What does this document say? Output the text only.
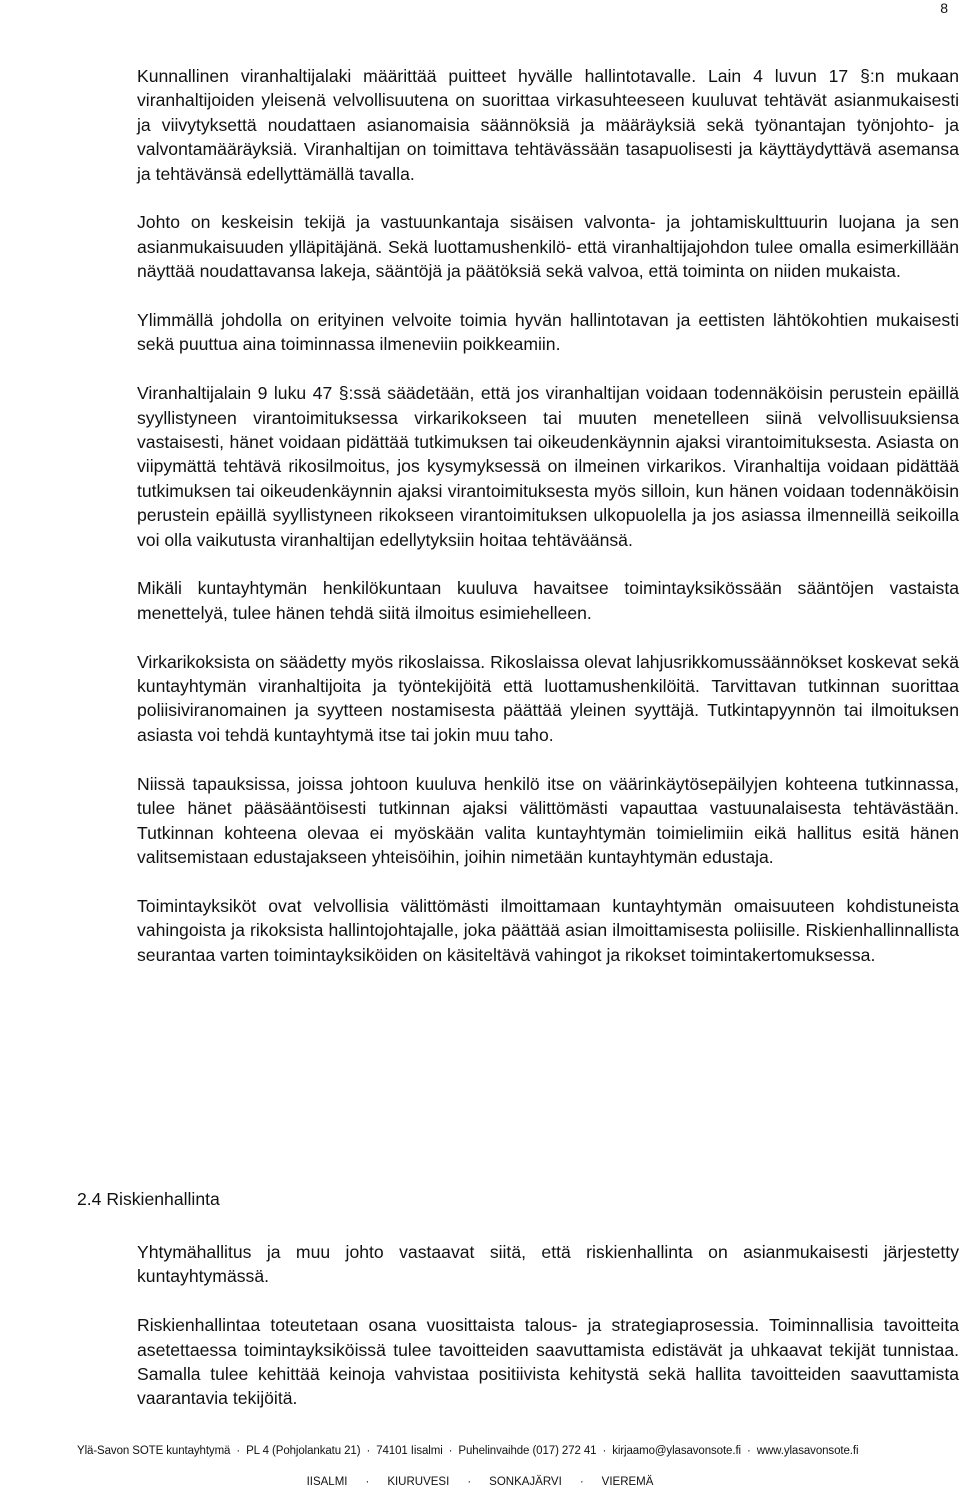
8

Kunnallinen viranhaltijalaki määrittää puitteet hyvälle hallintotavalle. Lain 4 luvun 17 §:n mukaan viranhaltijoiden yleisenä velvollisuutena on suorittaa virkasuhteeseen kuuluvat tehtävät asianmukaisesti ja viivytyksettä noudattaen asianomaisia säännöksiä ja määräyksiä sekä työnantajan työnjohto- ja valvontamääräyksiä. Viranhaltijan on toimittava tehtävässään tasapuolisesti ja käyttäydyttävä asemansa ja tehtävänsä edellyttämällä tavalla.

Johto on keskeisin tekijä ja vastuunkantaja sisäisen valvonta- ja johtamiskulttuurin luojana ja sen asianmukaisuuden ylläpitäjänä. Sekä luottamushenkilö- että viranhaltijajohdon tulee omalla esimerkillään näyttää noudattavansa lakeja, sääntöjä ja päätöksiä sekä valvoa, että toiminta on niiden mukaista.

Ylimmällä johdolla on erityinen velvoite toimia hyvän hallintotavan ja eettisten lähtökohtien mukaisesti sekä puuttua aina toiminnassa ilmeneviin poikkeamiin.

Viranhaltijalain 9 luku 47 §:ssä säädetään, että jos viranhaltijan voidaan todennäköisin perustein epäillä syyllistyneen virantoimituksessa virkarikokseen tai muuten menetelleen siinä velvollisuuksiensa vastaisesti, hänet voidaan pidättää tutkimuksen tai oikeudenkäynnin ajaksi virantoimituksesta. Asiasta on viipymättä tehtävä rikosilmoitus, jos kysymyksessä on ilmeinen virkarikos. Viranhaltija voidaan pidättää tutkimuksen tai oikeudenkäynnin ajaksi virantoimituksesta myös silloin, kun hänen voidaan todennäköisin perustein epäillä syyllistyneen rikokseen virantoimituksen ulkopuolella ja jos asiassa ilmenneillä seikoilla voi olla vaikutusta viranhaltijan edellytyksiin hoitaa tehtäväänsä.

Mikäli kuntayhtymän henkilökuntaan kuuluva havaitsee toimintayksikössään sääntöjen vastaista menettelyä, tulee hänen tehdä siitä ilmoitus esimiehelleen.

Virkarikoksista on säädetty myös rikoslaissa. Rikoslaissa olevat lahjusrikkomussäännökset koskevat sekä kuntayhtymän viranhaltijoita ja työntekijöitä että luottamushenkilöitä. Tarvittavan tutkinnan suorittaa poliisiviranomainen ja syytteen nostamisesta päättää yleinen syyttäjä. Tutkintapyynnön tai ilmoituksen asiasta voi tehdä kuntayhtymä itse tai jokin muu taho.

Niissä tapauksissa, joissa johtoon kuuluva henkilö itse on väärinkäytösepäilyjen kohteena tutkinnassa, tulee hänet pääsääntöisesti tutkinnan ajaksi välittömästi vapauttaa vastuunalaisesta tehtävästään. Tutkinnan kohteena olevaa ei myöskään valita kuntayhtymän toimielimiin eikä hallitus esitä hänen valitsemistaan edustajakseen yhteisöihin, joihin nimetään kuntayhtymän edustaja.

Toimintayksiköt ovat velvollisia välittömästi ilmoittamaan kuntayhtymän omaisuuteen kohdistuneista vahingoista ja rikoksista hallintojohtajalle, joka päättää asian ilmoittamisesta poliisille. Riskienhallinnallista seurantaa varten toimintayksiköiden on käsiteltävä vahingot ja rikokset toimintakertomuksessa.

2.4 Riskienhallinta

Yhtymähallitus ja muu johto vastaavat siitä, että riskienhallinta on asianmukaisesti järjestetty kuntayhtymässä.

Riskienhallintaa toteutetaan osana vuosittaista talous- ja strategiaprosessia. Toiminnallisia tavoitteita asetettaessa toimintayksiköissä tulee tavoitteiden saavuttamista edistävät ja uhkaavat tekijät tunnistaa. Samalla tulee kehittää keinoja vahvistaa positiivista kehitystä sekä hallita tavoitteiden saavuttamista vaarantavia tekijöitä.

Ylä-Savon SOTE kuntayhtymä · PL 4 (Pohjolankatu 21) · 74101 Iisalmi · Puhelinvaihde (017) 272 41 · kirjaamo@ylasavonsote.fi · www.ylasavonsote.fi
IISALMI · KIURUVESI · SONKAJÄRVI · VIEREMÄ
